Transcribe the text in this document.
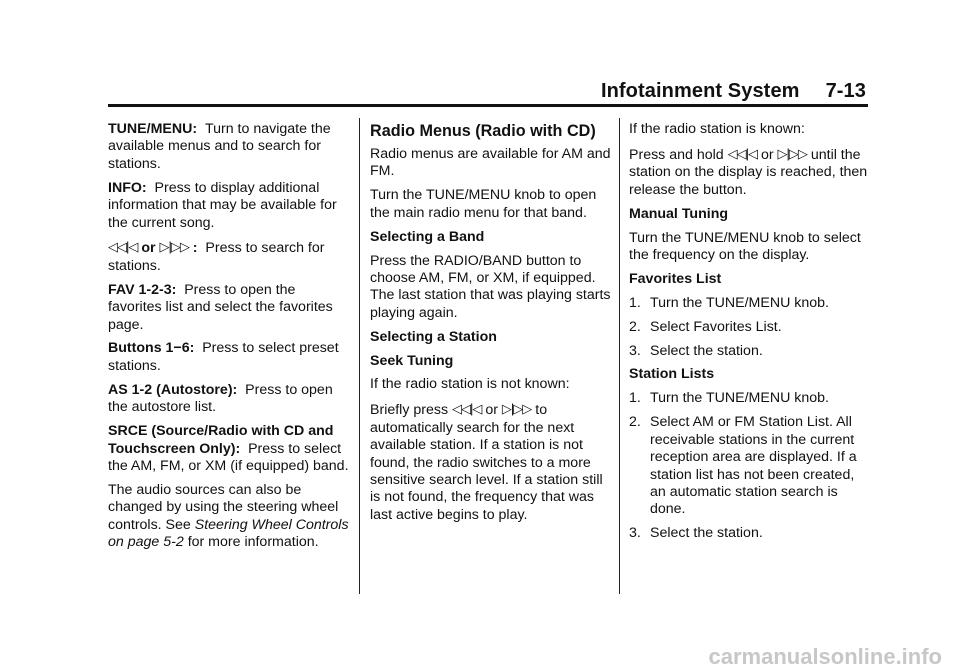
Infotainment System 7-13

TUNE/MENU: Turn to navigate the available menus and to search for stations.

INFO: Press to display additional information that may be available for the current song.

◁◁|◁ or ▷|▷▷ : Press to search for stations.

FAV 1-2-3: Press to open the favorites list and select the favorites page.

Buttons 1−6: Press to select preset stations.

AS 1-2 (Autostore): Press to open the autostore list.

SRCE (Source/Radio with CD and Touchscreen Only): Press to select the AM, FM, or XM (if equipped) band.

The audio sources can also be changed by using the steering wheel controls. See Steering Wheel Controls on page 5-2 for more information.

Radio Menus (Radio with CD)

Radio menus are available for AM and FM.

Turn the TUNE/MENU knob to open the main radio menu for that band.

Selecting a Band

Press the RADIO/BAND button to choose AM, FM, or XM, if equipped. The last station that was playing starts playing again.

Selecting a Station

Seek Tuning

If the radio station is not known:

Briefly press ◁◁|◁ or ▷|▷▷ to automatically search for the next available station. If a station is not found, the radio switches to a more sensitive search level. If a station still is not found, the frequency that was last active begins to play.

If the radio station is known:

Press and hold ◁◁|◁ or ▷|▷▷ until the station on the display is reached, then release the button.

Manual Tuning

Turn the TUNE/MENU knob to select the frequency on the display.

Favorites List

1. Turn the TUNE/MENU knob.
2. Select Favorites List.
3. Select the station.

Station Lists

1. Turn the TUNE/MENU knob.
2. Select AM or FM Station List. All receivable stations in the current reception area are displayed. If a station list has not been created, an automatic station search is done.
3. Select the station.
carmanualsonline.info
